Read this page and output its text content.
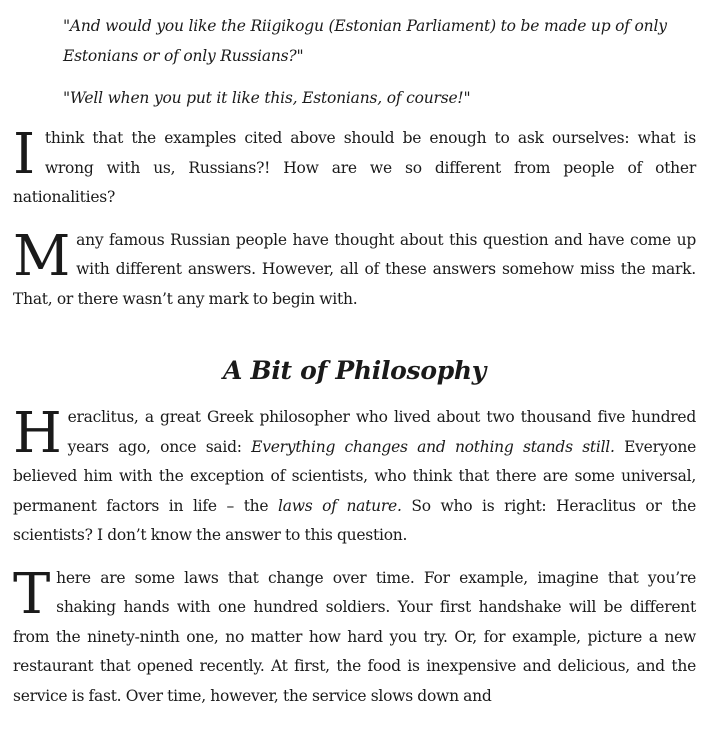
"And would you like the Riigikogu (Estonian Parliament) to be made up of only Estonians or of only Russians?"

"Well when you put it like this, Estonians, of course!"

Ithink that the examples cited above should be enough to ask ourselves: what is wrong with us, Russians?! How are we so different from people of other nationalities?

Many famous Russian people have thought about this question and have come up with different answers. However, all of these answers somehow miss the mark. That, or there wasn’t any mark to begin with.

A Bit of Philosophy

Heraclitus, a great Greek philosopher who lived about two thousand five hundred years ago, once said: Everything changes and nothing stands still. Everyone believed him with the exception of scientists, who think that there are some universal, permanent factors in life – the laws of nature. So who is right: Heraclitus or the scientists? I don’t know the answer to this question.

There are some laws that change over time. For example, imagine that you’re shaking hands with one hundred soldiers. Your first handshake will be different from the ninety-ninth one, no matter how hard you try. Or, for example, picture a new restaurant that opened recently. At first, the food is inexpensive and delicious, and the service is fast. Over time, however, the service slows down and
